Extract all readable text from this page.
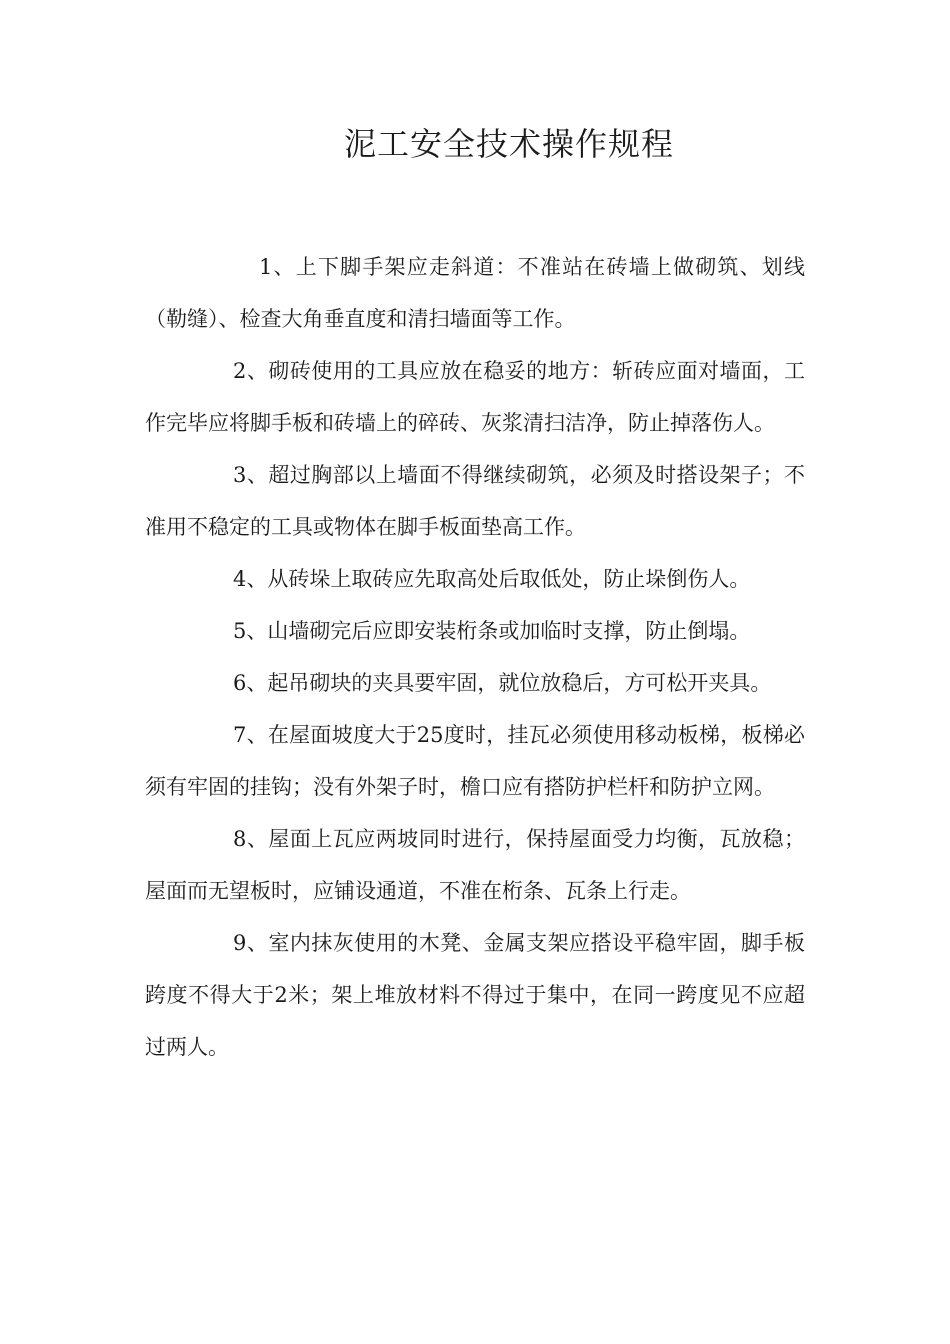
泥工安全技术操作规程

1、上下脚手架应走斜道：不准站在砖墙上做砌筑、划线（勒缝）、检查大角垂直度和清扫墙面等工作。

2、砌砖使用的工具应放在稳妥的地方：斩砖应面对墙面，工作完毕应将脚手板和砖墙上的碎砖、灰浆清扫洁净，防止掉落伤人。

3、超过胸部以上墙面不得继续砌筑，必须及时搭设架子；不准用不稳定的工具或物体在脚手板面垫高工作。

4、从砖垛上取砖应先取高处后取低处，防止垛倒伤人。

5、山墙砌完后应即安装桁条或加临时支撑，防止倒塌。

6、起吊砌块的夹具要牢固，就位放稳后，方可松开夹具。

7、在屋面坡度大于25度时，挂瓦必须使用移动板梯，板梯必须有牢固的挂钩；没有外架子时，檐口应有搭防护栏杆和防护立网。

8、屋面上瓦应两坡同时进行，保持屋面受力均衡，瓦放稳；屋面而无望板时，应铺设通道，不准在桁条、瓦条上行走。

9、室内抹灰使用的木凳、金属支架应搭设平稳牢固，脚手板跨度不得大于2米；架上堆放材料不得过于集中，在同一跨度见不应超过两人。
